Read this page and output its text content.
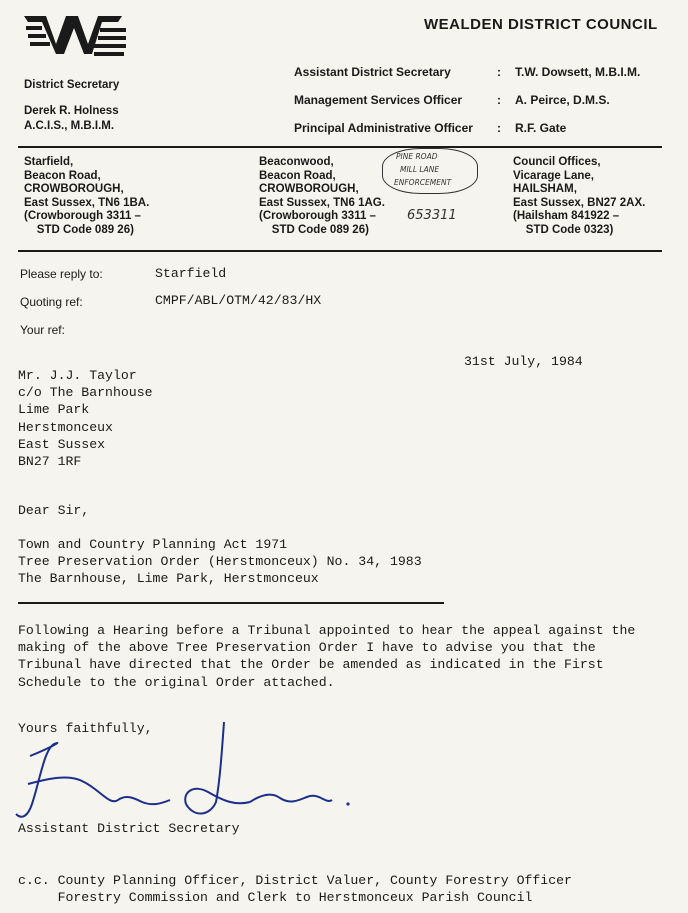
WEALDEN DISTRICT COUNCIL
District Secretary
Derek R. Holness
A.C.I.S., M.B.I.M.
Assistant District Secretary	: T.W. Dowsett, M.B.I.M.
Management Services Officer	: A. Peirce, D.M.S.
Principal Administrative Officer : R.F. Gate
Starfield,
Beacon Road,
CROWBOROUGH,
East Sussex, TN6 1BA.
(Crowborough 3311 –
STD Code 089 26)
Beaconwood,
Beacon Road,
CROWBOROUGH,
East Sussex, TN6 1AG.
(Crowborough 3311 –
STD Code 089 26)
Council Offices,
Vicarage Lane,
HAILSHAM,
East Sussex, BN27 2AX.
(Hailsham 841922 –
STD Code 0323)
PINE ROAD
MILL LANE
ENFORCEMENT
653311
Please reply to:	Starfield
Quoting ref:	CMPF/ABL/OTM/42/83/HX
Your ref:
31st July, 1984
Mr. J.J. Taylor
c/o The Barnhouse
Lime Park
Herstmonceux
East Sussex
BN27 1RF
Dear Sir,
Town and Country Planning Act 1971
Tree Preservation Order (Herstmonceux) No. 34, 1983
The Barnhouse, Lime Park, Herstmonceux
Following a Hearing before a Tribunal appointed to hear the appeal against the
making of the above Tree Preservation Order I have to advise you that the
Tribunal have directed that the Order be amended as indicated in the First
Schedule to the original Order attached.
Yours faithfully,
Assistant District Secretary
c.c. County Planning Officer, District Valuer, County Forestry Officer
Forestry Commission and Clerk to Herstmonceux Parish Council
